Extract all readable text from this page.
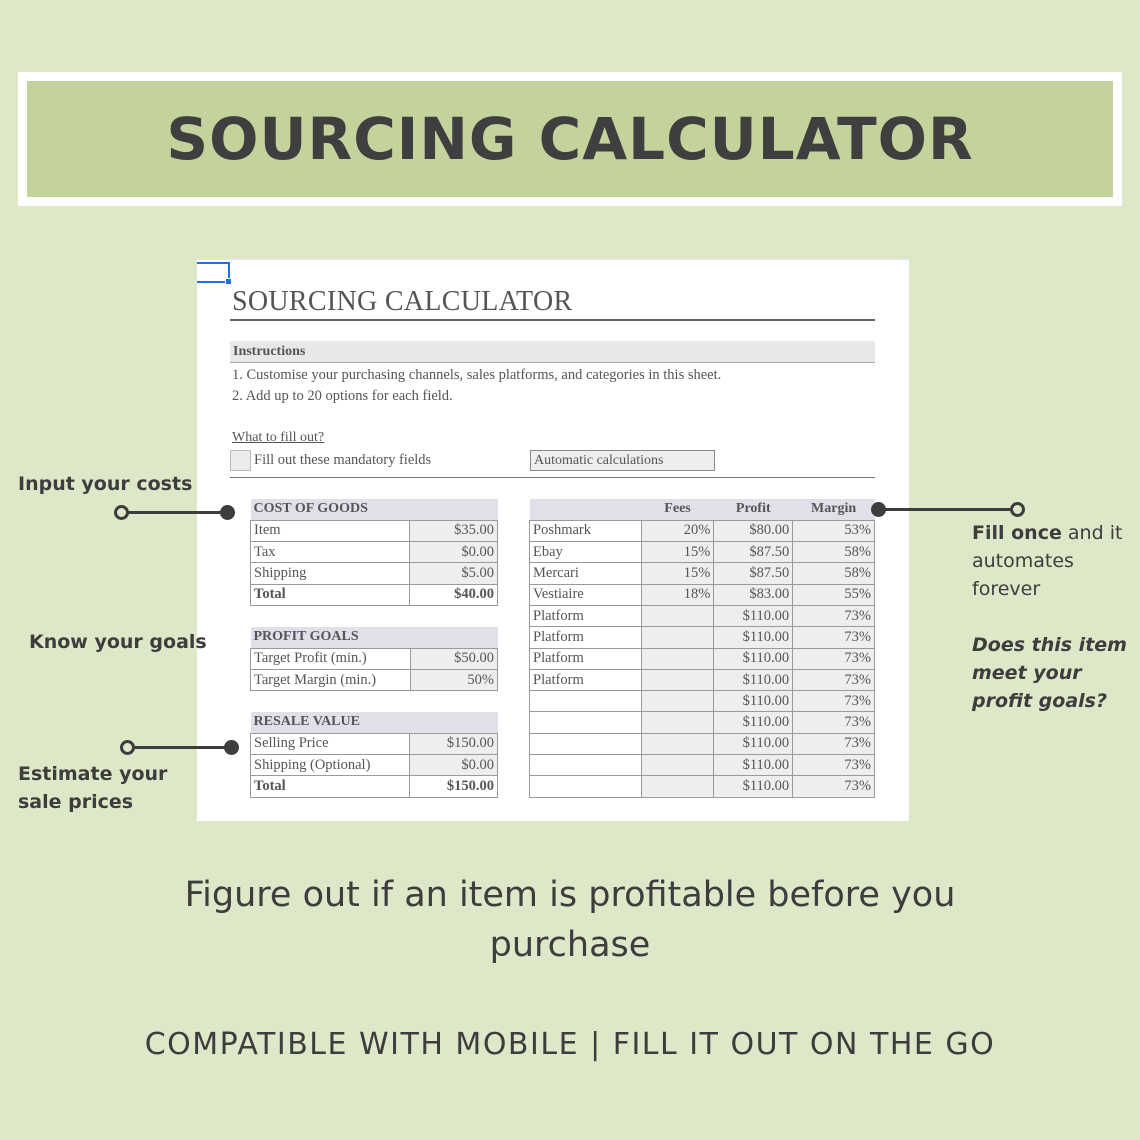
SOURCING CALCULATOR
SOURCING CALCULATOR
Instructions
1. Customise your purchasing channels, sales platforms, and categories in this sheet.
2. Add up to 20 options for each field.
What to fill out?
Fill out these mandatory fields	Automatic calculations
COST OF GOODS	
Item	$35.00
Tax	$0.00
Shipping	$5.00
Total	$40.00
PROFIT GOALS	
Target Profit (min.)	$50.00
Target Margin (min.)	50%
RESALE VALUE	
Selling Price	$150.00
Shipping (Optional)	$0.00
Total	$150.00
	Fees	Profit	Margin
Poshmark	20%	$80.00	53%
Ebay	15%	$87.50	58%
Mercari	15%	$87.50	58%
Vestiaire	18%	$83.00	55%
Platform		$110.00	73%
Platform		$110.00	73%
Platform		$110.00	73%
Platform		$110.00	73%
		$110.00	73%
		$110.00	73%
		$110.00	73%
		$110.00	73%
		$110.00	73%
Input your costs
Know your goals
Estimate your
sale prices
Fill once and it
automates
forever
Does this item
meet your
profit goals?
Figure out if an item is profitable before you purchase
COMPATIBLE WITH MOBILE | FILL IT OUT ON THE GO
